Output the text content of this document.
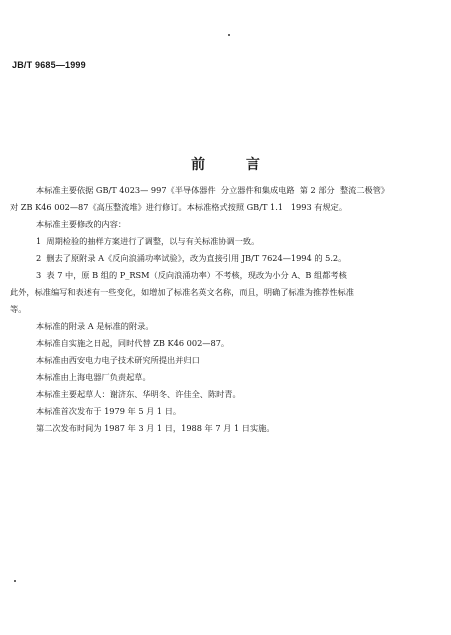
JB/T 9685—1999
前 言
本标准主要依据 GB/T 4023— 997《半导体器件  分立器件和集成电路  第 2 部分  整流二极管》
对 ZB K46 002—87《高压整流堆》进行修订。本标准格式按照 GB/T 1.1   1993 有规定。
本标准主要修改的内容：
1  周期检验的抽样方案进行了调整，以与有关标准协调一致。
2  删去了原附录 A《反向浪涌功率试验》，改为直接引用 JB/T 7624—1994 的 5.2。
3  表 7 中，原 B 组的 P_RSM（反向浪涌功率）不考核，现改为小分 A、B 组都考核
此外，标准编写和表述有一些变化，如增加了标准名英文名称，而且，明确了标准为推荐性标准
等。
本标准的附录 A 是标准的附录。
本标准自实施之日起，同时代替 ZB K46 002—87。
本标准由西安电力电子技术研究所提出并归口
本标准由上海电器厂负责起草。
本标准主要起草人：谢济东、华明冬、许佳全、陈时青。
本标准首次发布于 1979 年 5 月 1 日。
第二次发布时间为 1987 年 3 月 1 日，1988 年 7 月 1 日实施。
